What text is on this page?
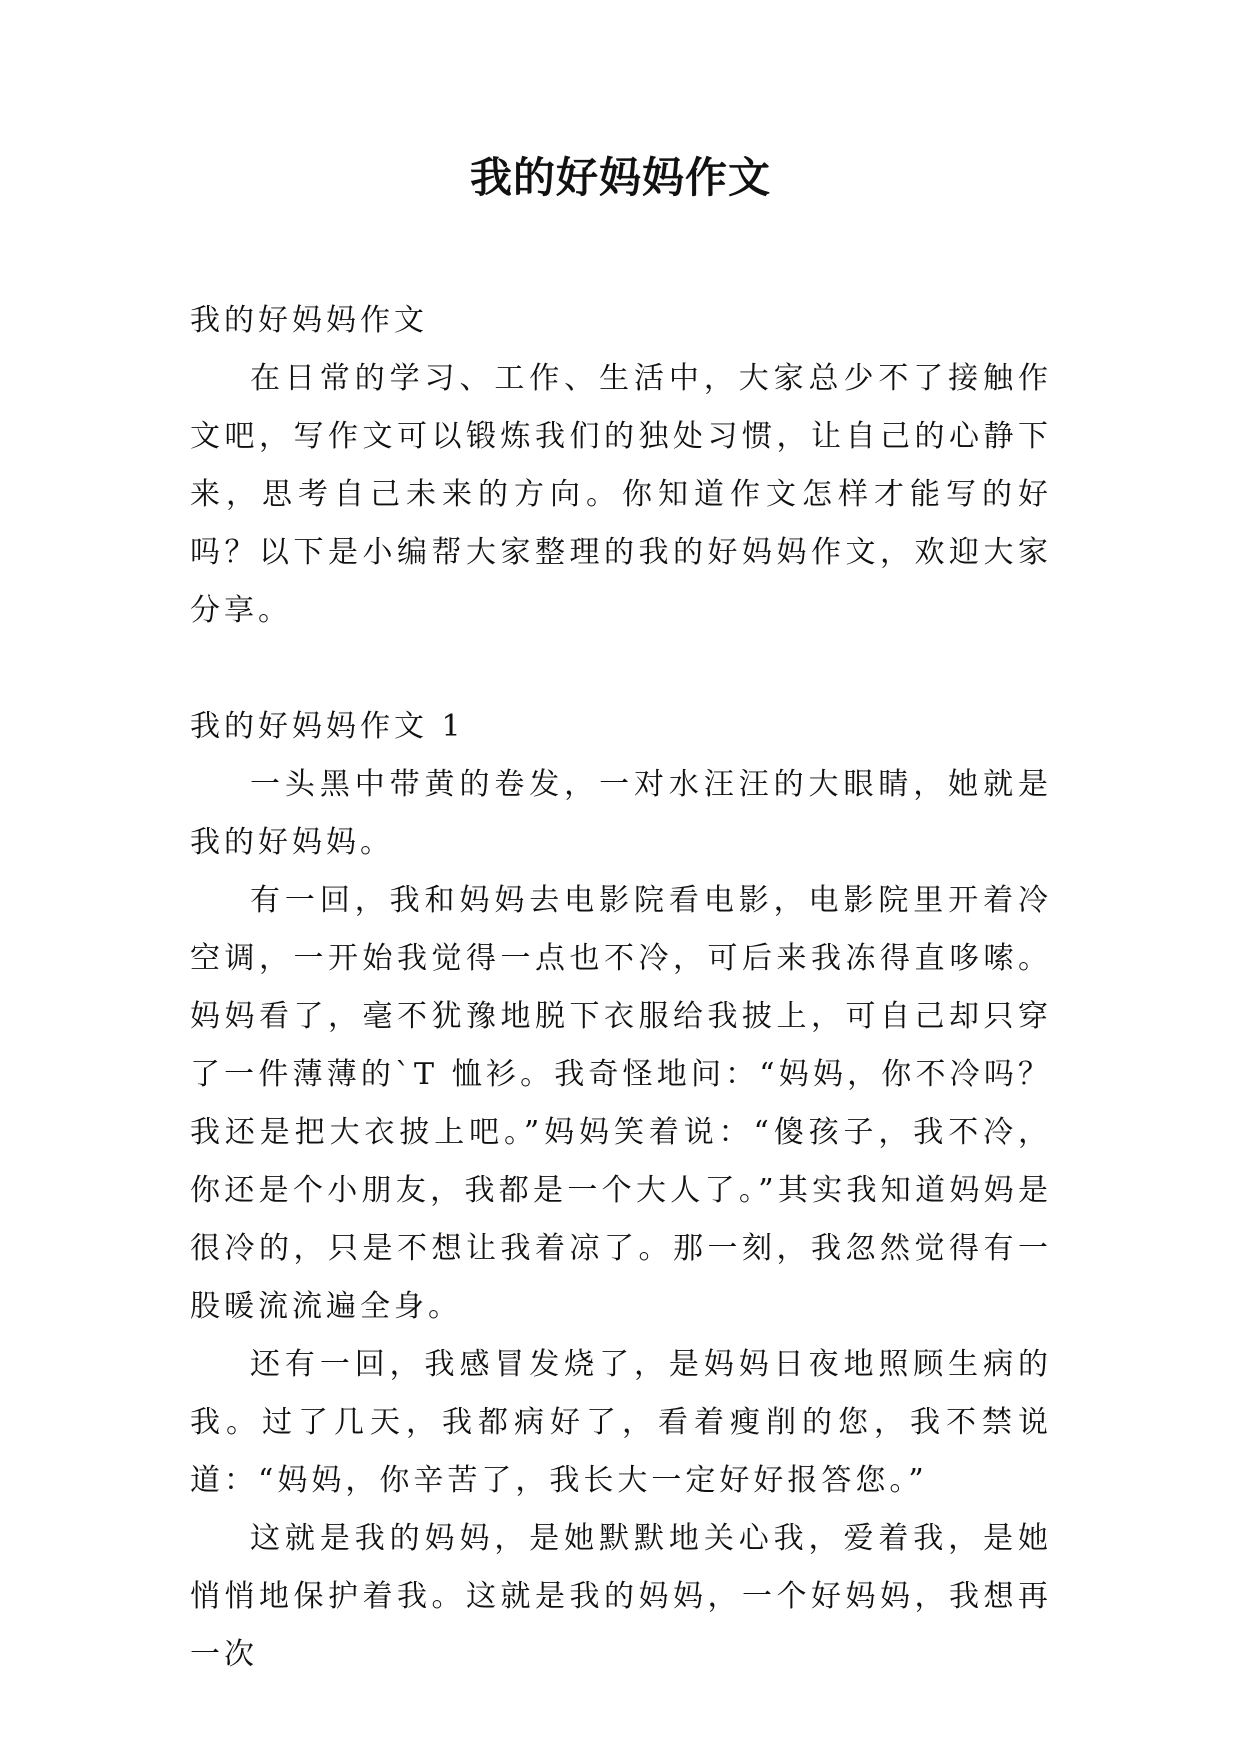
我的好妈妈作文

我的好妈妈作文

在日常的学习、工作、生活中，大家总少不了接触作文吧，写作文可以锻炼我们的独处习惯，让自己的心静下来，思考自己未来的方向。你知道作文怎样才能写的好吗？以下是小编帮大家整理的我的好妈妈作文，欢迎大家分享。

我的好妈妈作文 1

一头黑中带黄的卷发，一对水汪汪的大眼睛，她就是我的好妈妈。

有一回，我和妈妈去电影院看电影，电影院里开着冷空调，一开始我觉得一点也不冷，可后来我冻得直哆嗦。妈妈看了，毫不犹豫地脱下衣服给我披上，可自己却只穿了一件薄薄的`T 恤衫。我奇怪地问：“妈妈，你不冷吗？我还是把大衣披上吧。”妈妈笑着说：“傻孩子，我不冷，你还是个小朋友，我都是一个大人了。”其实我知道妈妈是很冷的，只是不想让我着凉了。那一刻，我忽然觉得有一股暖流流遍全身。

还有一回，我感冒发烧了，是妈妈日夜地照顾生病的我。过了几天，我都病好了，看着瘦削的您，我不禁说道：“妈妈，你辛苦了，我长大一定好好报答您。”

这就是我的妈妈，是她默默地关心我，爱着我，是她悄悄地保护着我。这就是我的妈妈，一个好妈妈，我想再一次
